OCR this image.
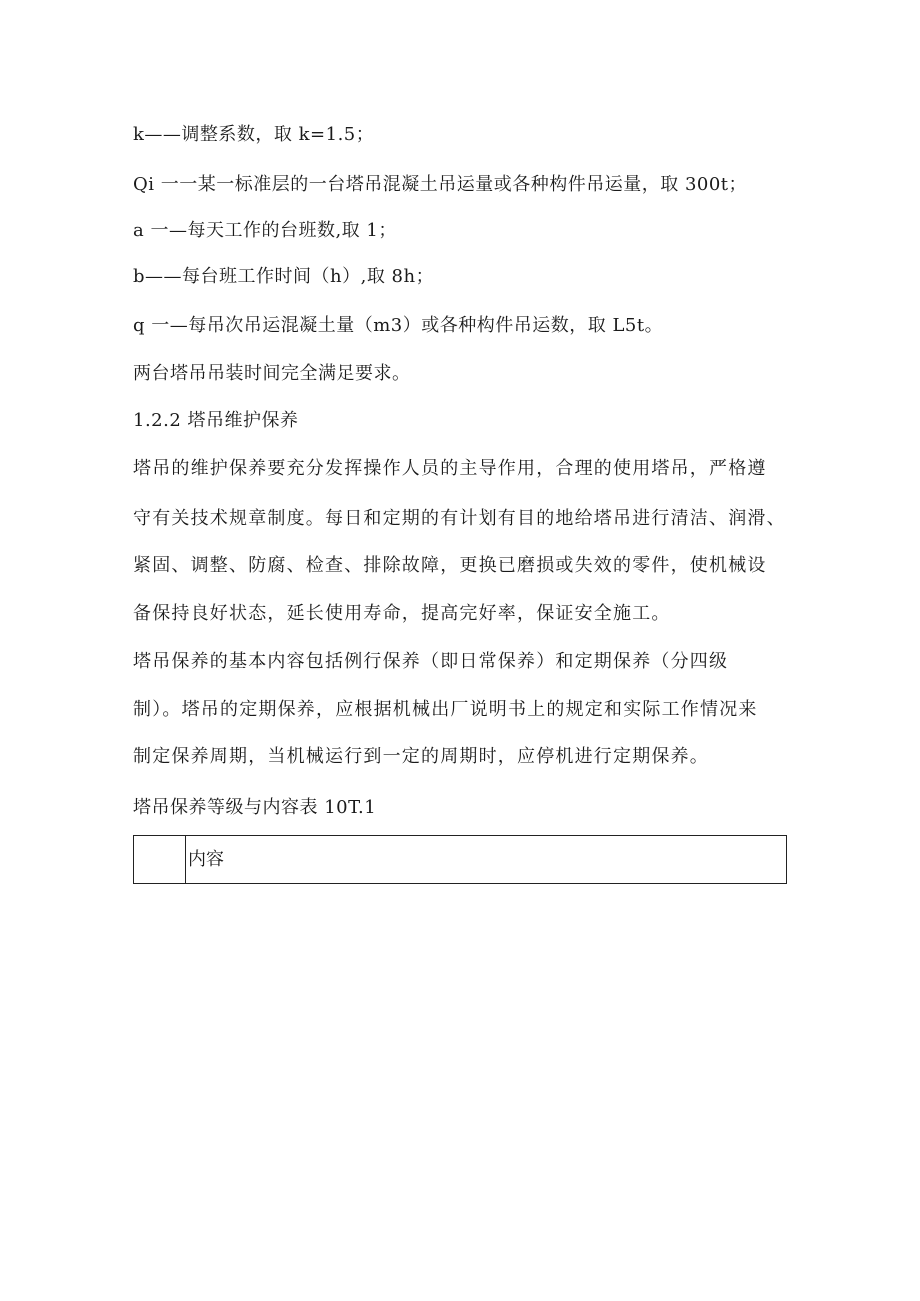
k——调整系数，取 k=1.5；
Qi 一一某一标准层的一台塔吊混凝土吊运量或各种构件吊运量，取 300t；
a 一—每天工作的台班数,取 1；
b——每台班工作时间（h）,取 8h；
q 一—每吊次吊运混凝土量（m3）或各种构件吊运数，取 L5t。
两台塔吊吊装时间完全满足要求。
1.2.2 塔吊维护保养
塔吊的维护保养要充分发挥操作人员的主导作用，合理的使用塔吊，严格遵
守有关技术规章制度。每日和定期的有计划有目的地给塔吊进行清洁、润滑、
紧固、调整、防腐、检查、排除故障，更换已磨损或失效的零件，使机械设
备保持良好状态，延长使用寿命，提高完好率，保证安全施工。
塔吊保养的基本内容包括例行保养（即日常保养）和定期保养（分四级
制）。塔吊的定期保养，应根据机械出厂说明书上的规定和实际工作情况来
制定保养周期，当机械运行到一定的周期时，应停机进行定期保养。
塔吊保养等级与内容表 10T.1
内容
